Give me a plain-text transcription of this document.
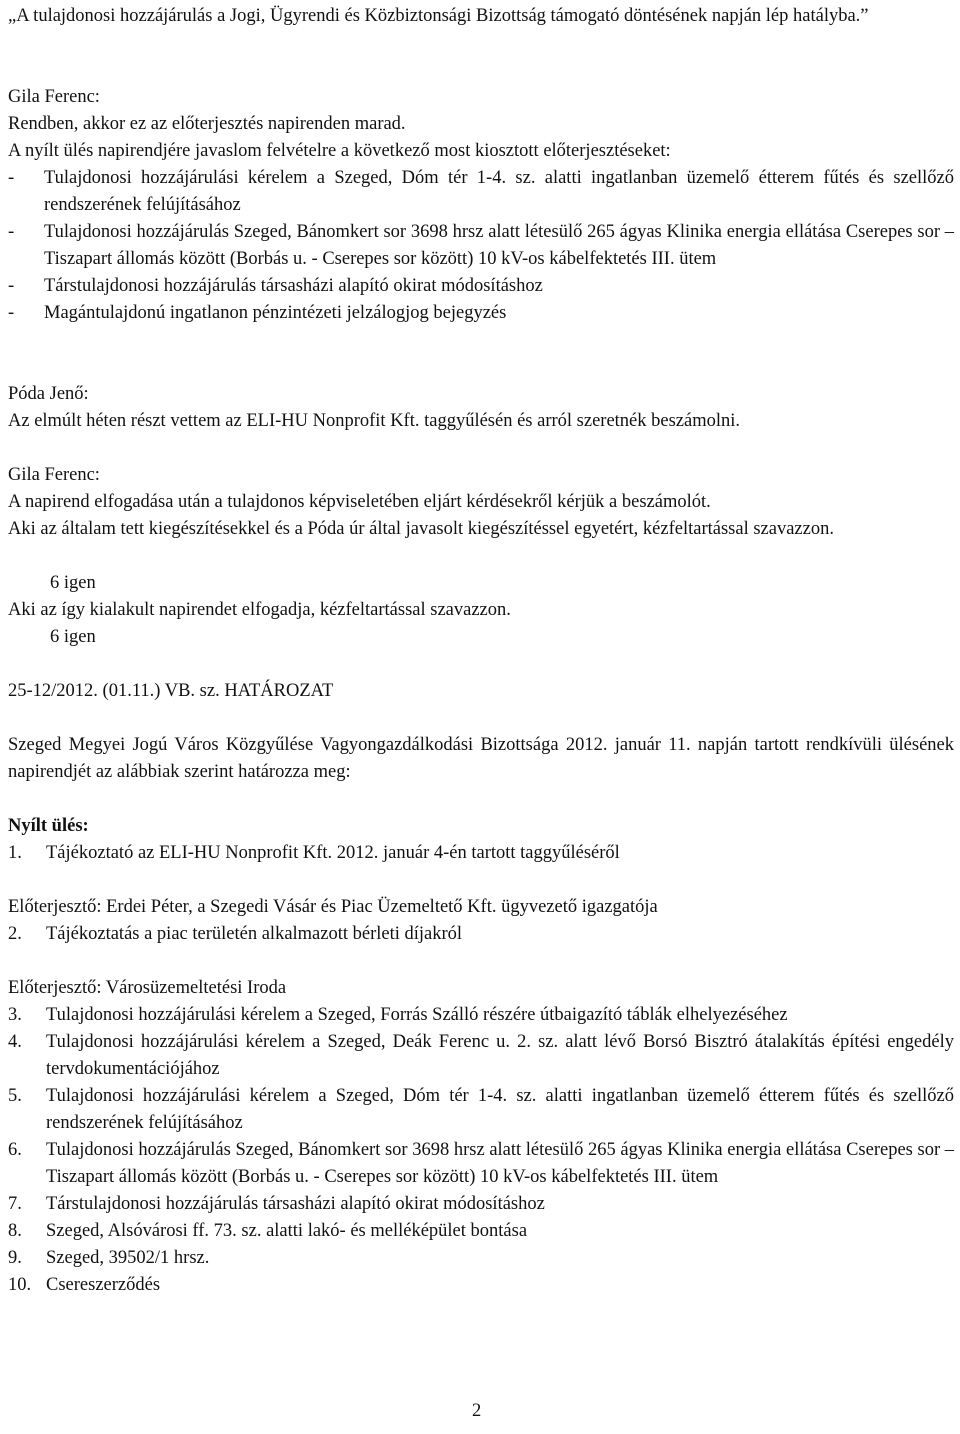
„A tulajdonosi hozzájárulás a Jogi, Ügyrendi és Közbiztonsági Bizottság támogató döntésének napján lép hatályba.”

Gila Ferenc:

Rendben, akkor ez az előterjesztés napirenden marad.

A nyílt ülés napirendjére javaslom felvételre a következő most kiosztott előterjesztéseket:

-	Tulajdonosi hozzájárulási kérelem a Szeged, Dóm tér 1-4. sz. alatti ingatlanban üzemelő étterem fűtés és szellőző rendszerének felújításához
-	Tulajdonosi hozzájárulás Szeged, Bánomkert sor 3698 hrsz alatt létesülő 265 ágyas Klinika energia ellátása Cserepes sor – Tiszapart állomás között (Borbás u. - Cserepes sor között) 10 kV-os kábelfektetés III. ütem
-	Társtulajdonosi hozzájárulás társasházi alapító okirat módosításhoz
-	Magántulajdonú ingatlanon pénzintézeti jelzálogjog bejegyzés

Póda Jenő:

Az elmúlt héten részt vettem az ELI-HU Nonprofit Kft. taggyűlésén és arról szeretnék beszámolni.

Gila Ferenc:

A napirend elfogadása után a tulajdonos képviseletében eljárt kérdésekről kérjük a beszámolót.

Aki az általam tett kiegészítésekkel és a Póda úr által javasolt kiegészítéssel egyetért, kézfeltartással szavazzon.

6 igen

Aki az így kialakult napirendet elfogadja, kézfeltartással szavazzon.

6 igen

25-12/2012. (01.11.) VB. sz. HATÁROZAT

Szeged Megyei Jogú Város Közgyűlése Vagyongazdálkodási Bizottsága 2012. január 11. napján tartott rendkívüli ülésének napirendjét az alábbiak szerint határozza meg:

Nyílt ülés:

1.	Tájékoztató az ELI-HU Nonprofit Kft. 2012. január 4-én tartott taggyűléséről

Előterjesztő: Erdei Péter, a Szegedi Vásár és Piac Üzemeltető Kft. ügyvezető igazgatója

2.	Tájékoztatás a piac területén alkalmazott bérleti díjakról

Előterjesztő: Városüzemeltetési Iroda

3.	Tulajdonosi hozzájárulási kérelem a Szeged, Forrás Szálló részére útbaigazító táblák elhelyezéséhez
4.	Tulajdonosi hozzájárulási kérelem a Szeged, Deák Ferenc u. 2. sz. alatt lévő Borsó Bisztró átalakítás építési engedély tervdokumentációjához
5.	Tulajdonosi hozzájárulási kérelem a Szeged, Dóm tér 1-4. sz. alatti ingatlanban üzemelő étterem fűtés és szellőző rendszerének felújításához
6.	Tulajdonosi hozzájárulás Szeged, Bánomkert sor 3698 hrsz alatt létesülő 265 ágyas Klinika energia ellátása Cserepes sor – Tiszapart állomás között (Borbás u. - Cserepes sor között) 10 kV-os kábelfektetés III. ütem
7.	Társtulajdonosi hozzájárulás társasházi alapító okirat módosításhoz
8.	Szeged, Alsóvárosi ff. 73. sz. alatti lakó- és melléképület bontása
9.	Szeged, 39502/1 hrsz.
10. Csereszerződés
2
